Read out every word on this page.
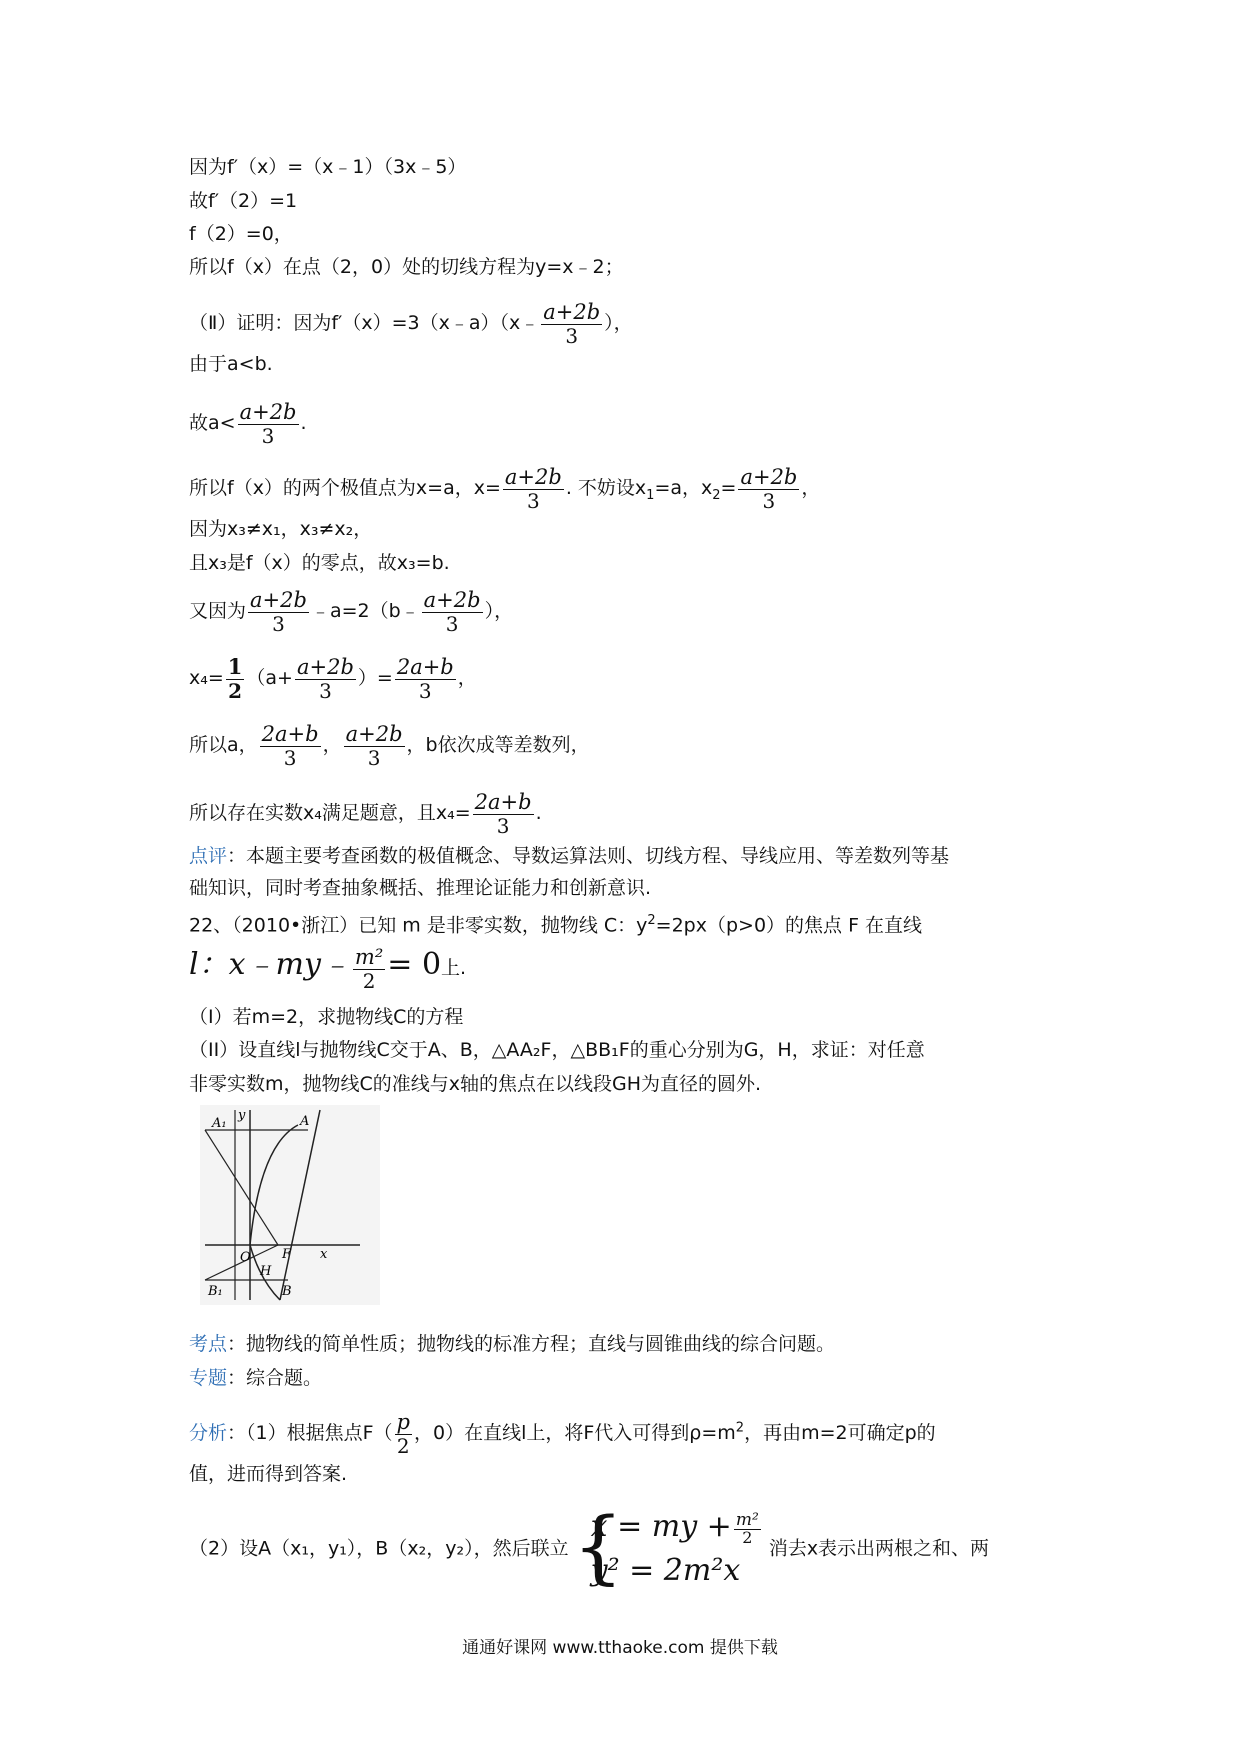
因为f′（x）=（x﹣1）（3x﹣5）
故f′（2）=1
f（2）=0，
所以f（x）在点（2，0）处的切线方程为y=x﹣2；
（Ⅱ）证明：因为f′（x）=3（x﹣a）（x﹣ $\frac{a+2b}{3}$ ），
由于a<b.
故$a< \frac{a+2b}{3}$ .
所以f（x）的两个极值点为x=a，$x= \frac{a+2b}{3}$ . 不妨设$x_1=a$，$x_2= \frac{a+2b}{3}$ ，
因为x₃≠x₁，x₃≠x₂，
且x₃是f（x）的零点，故x₃=b.
又因为 $\frac{a+2b}{3}$ ﹣a=2（b﹣ $\frac{a+2b}{3}$ ），
$x_4= \frac{1}{2} (a+ \frac{a+2b}{3}$ ）= $\frac{2a+b}{3}$ ，
所以a， $\frac{2a+b}{3}$ ， $\frac{a+2b}{3}$ ，b依次成等差数列，
所以存在实数x₄满足题意，且$x_4= \frac{2a+b}{3}$ .
点评：本题主要考查函数的极值概念、导数运算法则、切线方程、导线应用、等差数列等基
础知识，同时考查抽象概括、推理论证能力和创新意识.
22、（2010•浙江）已知 m 是非零实数，抛物线 C：$y^2=2px(p>0)$的焦点 F 在直线
l：x﹣my﹣ $\frac{\text{m²}}{2} = 0$上.
（I）若m=2，求抛物线C的方程
（II）设直线l与抛物线C交于A、B，△AA₂F，△BB₁F的重心分别为G，H，求证：对任意
非零实数m，抛物线C的准线与x轴的焦点在以线段GH为直径的圆外.
A₁	A
y
x
O F
H
B₁	B
考点：抛物线的简单性质；抛物线的标准方程；直线与圆锥曲线的综合问题。
专题：综合题。
分析：（1）根据焦点$F( \frac{p}{2}$ ，0）在直线l上，将F代入可得到$\rho=m^2$，再由m=2可确定p的
值，进而得到答案.
（2）设A（x₁，y₁），B（x₂，y₂），然后联立 {
x = my + $\frac{\text{m²}}{2}$
y² = 2m²x
消去x表示出两根之和、两
通通好课网 www.tthaoke.com 提供下载
